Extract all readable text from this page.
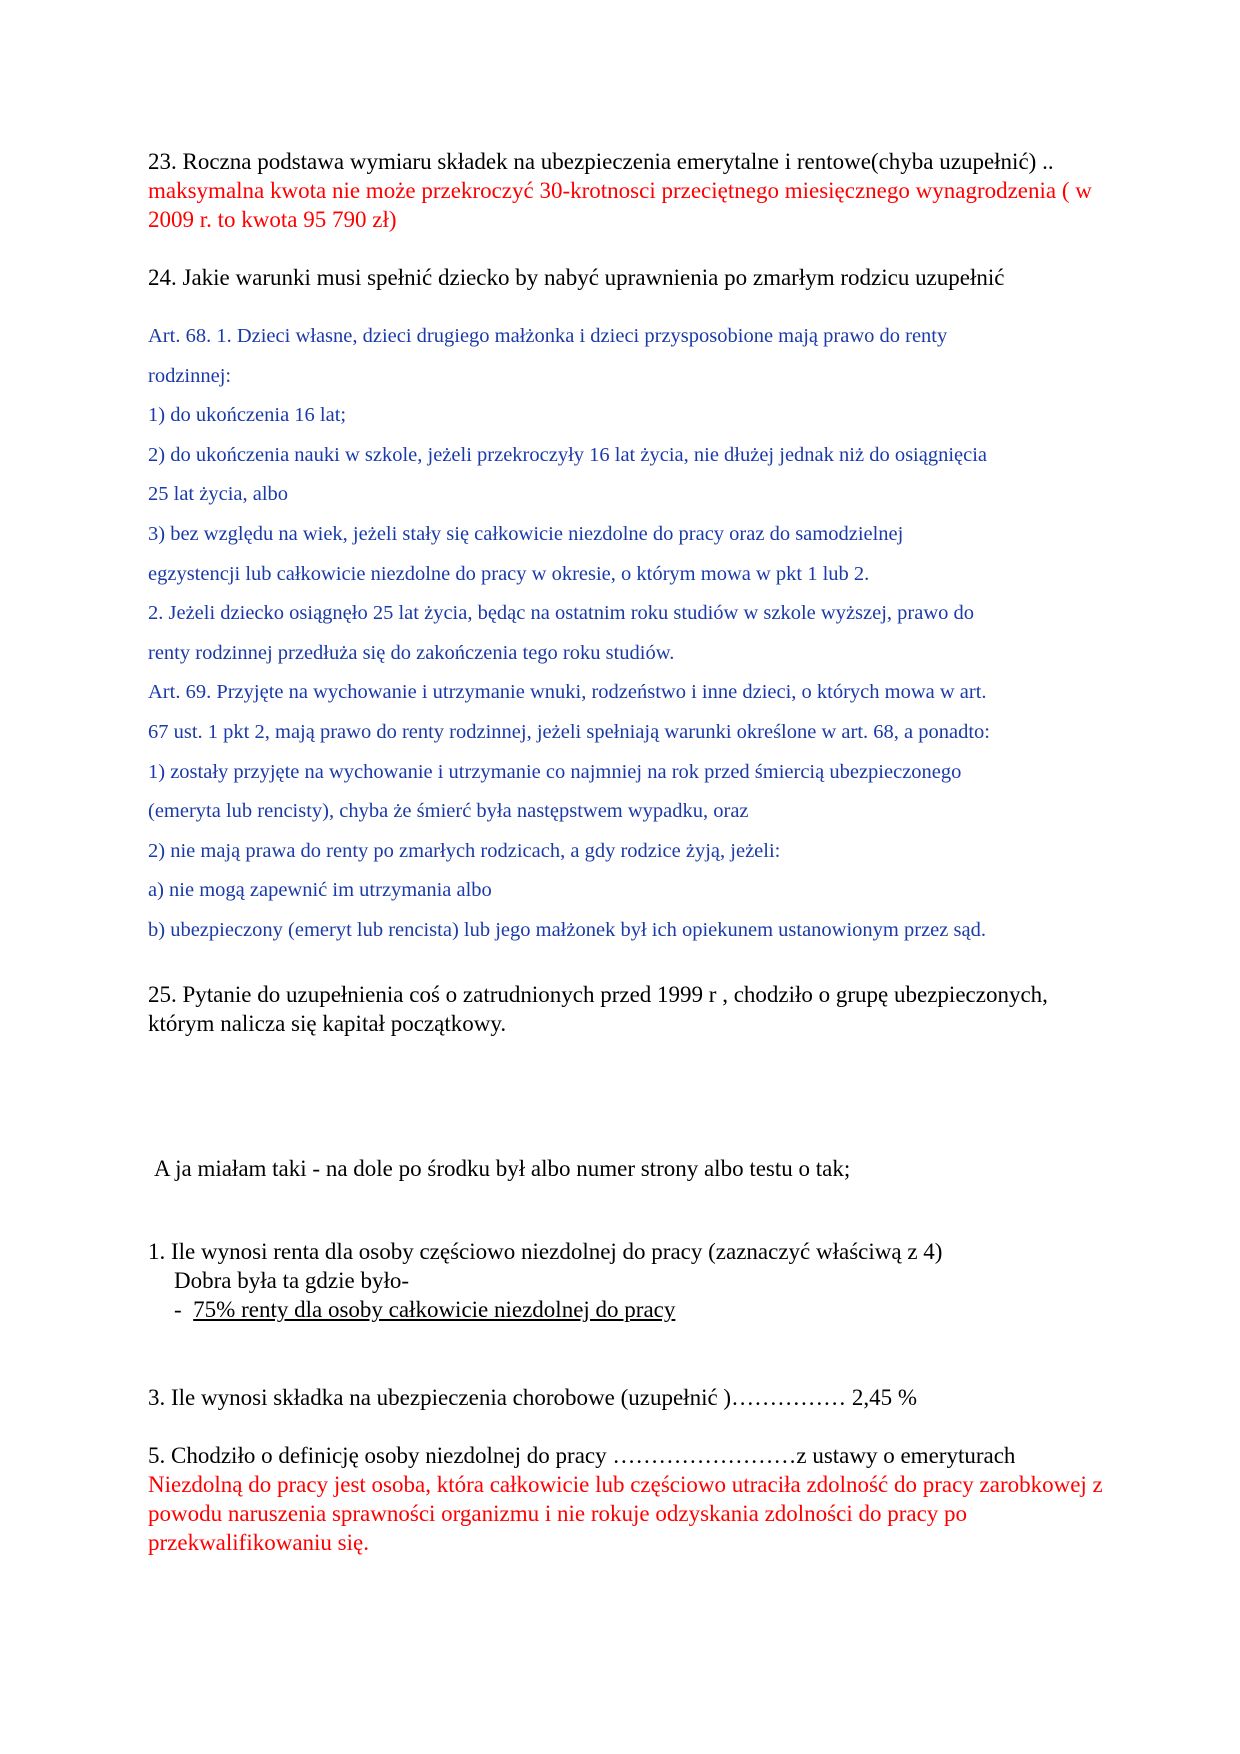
23. Roczna podstawa wymiaru składek na ubezpieczenia emerytalne i rentowe(chyba uzupełnić) .. maksymalna kwota nie może przekroczyć 30-krotnosci przeciętnego miesięcznego wynagrodzenia ( w 2009 r. to kwota 95 790 zł)
24. Jakie warunki musi spełnić dziecko by nabyć uprawnienia po zmarłym rodzicu uzupełnić
Art. 68. 1. Dzieci własne, dzieci drugiego małżonka i dzieci przysposobione mają prawo do renty
rodzinnej:
1) do ukończenia 16 lat;
2) do ukończenia nauki w szkole, jeżeli przekroczyły 16 lat życia, nie dłużej jednak niż do osiągnięcia
25 lat życia, albo
3) bez względu na wiek, jeżeli stały się całkowicie niezdolne do pracy oraz do samodzielnej
egzystencji lub całkowicie niezdolne do pracy w okresie, o którym mowa w pkt 1 lub 2.
2. Jeżeli dziecko osiągnęło 25 lat życia, będąc na ostatnim roku studiów w szkole wyższej, prawo do
renty rodzinnej przedłuża się do zakończenia tego roku studiów.
Art. 69. Przyjęte na wychowanie i utrzymanie wnuki, rodzeństwo i inne dzieci, o których mowa w art.
67 ust. 1 pkt 2, mają prawo do renty rodzinnej, jeżeli spełniają warunki określone w art. 68, a ponadto:
1) zostały przyjęte na wychowanie i utrzymanie co najmniej na rok przed śmiercią ubezpieczonego
(emeryta lub rencisty), chyba że śmierć była następstwem wypadku, oraz
2) nie mają prawa do renty po zmarłych rodzicach, a gdy rodzice żyją, jeżeli:
a) nie mogą zapewnić im utrzymania albo
b) ubezpieczony (emeryt lub rencista) lub jego małżonek był ich opiekunem ustanowionym przez sąd.
25. Pytanie do uzupełnienia coś o zatrudnionych przed 1999 r , chodziło o grupę ubezpieczonych, którym nalicza się kapitał początkowy.
A ja miałam taki - na dole po środku był albo numer strony albo testu o tak;
1. Ile wynosi renta dla osoby częściowo niezdolnej do pracy (zaznaczyć właściwą z 4)
Dobra była ta gdzie było-
-  75% renty dla osoby całkowicie niezdolnej do pracy
3. Ile wynosi składka na ubezpieczenia chorobowe (uzupełnić )…………… 2,45 %
5. Chodziło o definicję osoby niezdolnej do pracy ……………………z ustawy o emeryturach
Niezdolną do pracy jest osoba, która całkowicie lub częściowo utraciła zdolność do pracy zarobkowej z powodu naruszenia sprawności organizmu i nie rokuje odzyskania zdolności do pracy po przekwalifikowaniu się.
